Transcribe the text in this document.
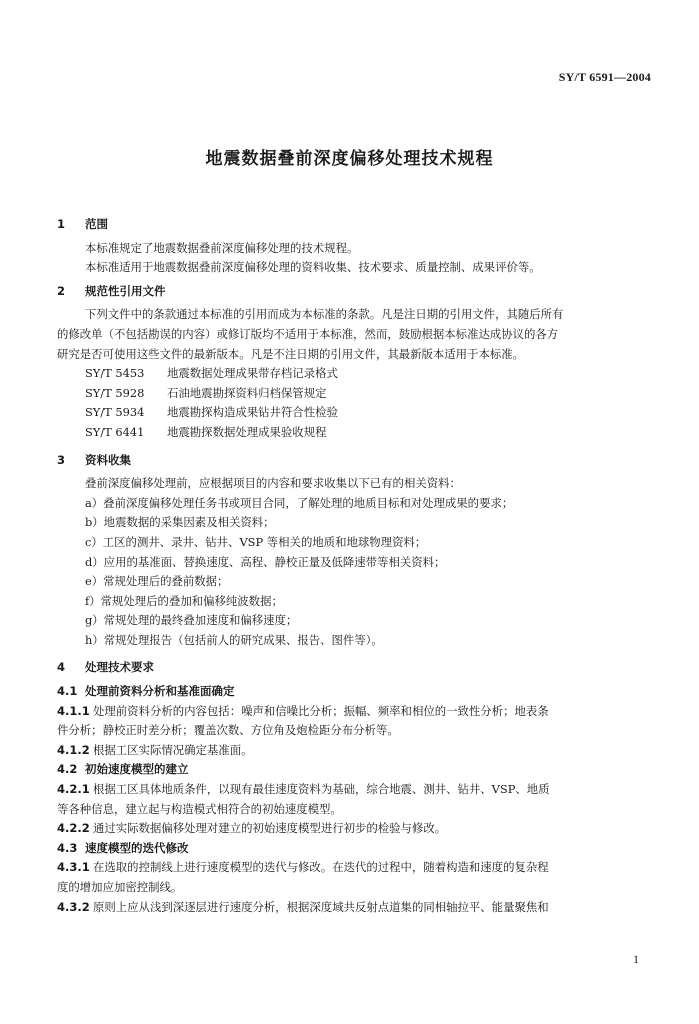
SY/T 6591—2004
地震数据叠前深度偏移处理技术规程
1 范围
本标准规定了地震数据叠前深度偏移处理的技术规程。
本标准适用于地震数据叠前深度偏移处理的资料收集、技术要求、质量控制、成果评价等。
2 规范性引用文件
下列文件中的条款通过本标准的引用而成为本标准的条款。凡是注日期的引用文件，其随后所有
的修改单（不包括勘误的内容）或修订版均不适用于本标准，然而，鼓励根据本标准达成协议的各方
研究是否可使用这些文件的最新版本。凡是不注日期的引用文件，其最新版本适用于本标准。
SY/T 5453 地震数据处理成果带存档记录格式
SY/T 5928 石油地震勘探资料归档保管规定
SY/T 5934 地震勘探构造成果钻井符合性检验
SY/T 6441 地震勘探数据处理成果验收规程
3 资料收集
叠前深度偏移处理前，应根据项目的内容和要求收集以下已有的相关资料：
a）叠前深度偏移处理任务书或项目合同，了解处理的地质目标和对处理成果的要求；
b）地震数据的采集因素及相关资料；
c）工区的测井、录井、钻井、VSP 等相关的地质和地球物理资料；
d）应用的基准面、替换速度、高程、静校正量及低降速带等相关资料；
e）常规处理后的叠前数据；
f）常规处理后的叠加和偏移纯波数据；
g）常规处理的最终叠加速度和偏移速度；
h）常规处理报告（包括前人的研究成果、报告、图件等）。
4 处理技术要求
4.1 处理前资料分析和基准面确定
4.1.1 处理前资料分析的内容包括：噪声和信噪比分析；振幅、频率和相位的一致性分析；地表条
件分析；静校正时差分析；覆盖次数、方位角及炮检距分布分析等。
4.1.2 根据工区实际情况确定基准面。
4.2 初始速度模型的建立
4.2.1 根据工区具体地质条件，以现有最佳速度资料为基础，综合地震、测井、钻井、VSP、地质
等各种信息，建立起与构造模式相符合的初始速度模型。
4.2.2 通过实际数据偏移处理对建立的初始速度模型进行初步的检验与修改。
4.3 速度模型的迭代修改
4.3.1 在选取的控制线上进行速度模型的迭代与修改。在迭代的过程中，随着构造和速度的复杂程
度的增加应加密控制线。
4.3.2 原则上应从浅到深逐层进行速度分析，根据深度域共反射点道集的同相轴拉平、能量聚焦和
1
